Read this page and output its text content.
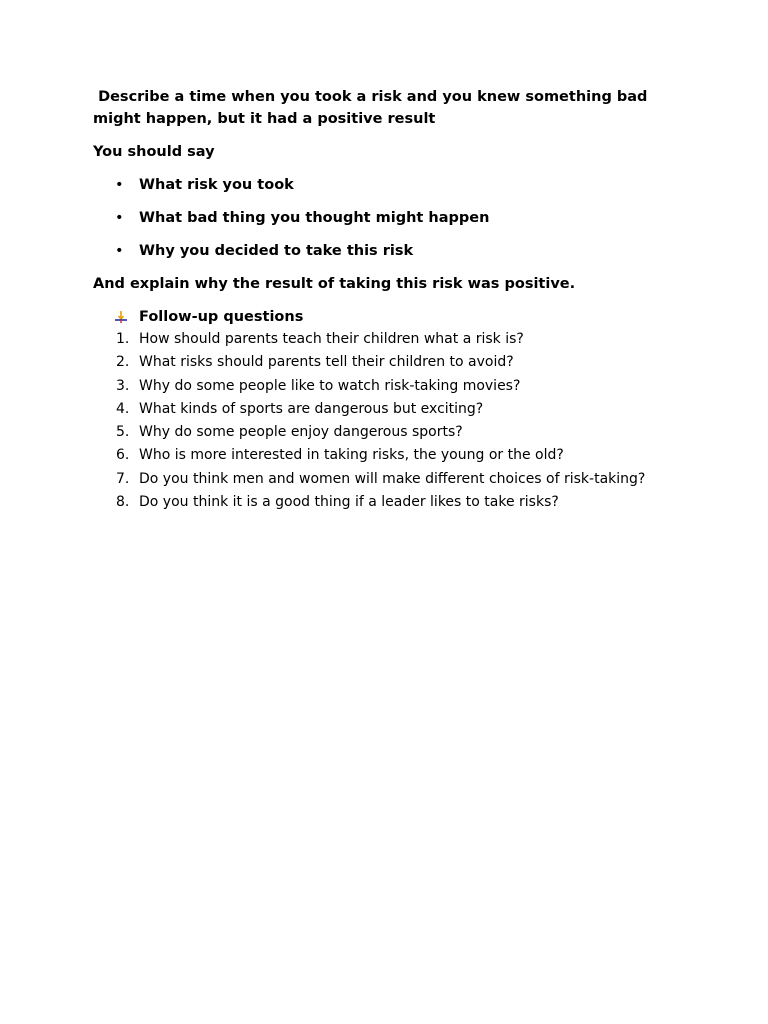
Describe a time when you took a risk and you knew something bad might happen, but it had a positive result

You should say

• What risk you took
• What bad thing you thought might happen
• Why you decided to take this risk

And explain why the result of taking this risk was positive.

Follow-up questions
1. How should parents teach their children what a risk is?
2. What risks should parents tell their children to avoid?
3. Why do some people like to watch risk-taking movies?
4. What kinds of sports are dangerous but exciting?
5. Why do some people enjoy dangerous sports?
6. Who is more interested in taking risks, the young or the old?
7. Do you think men and women will make different choices of risk-taking?
8. Do you think it is a good thing if a leader likes to take risks?
